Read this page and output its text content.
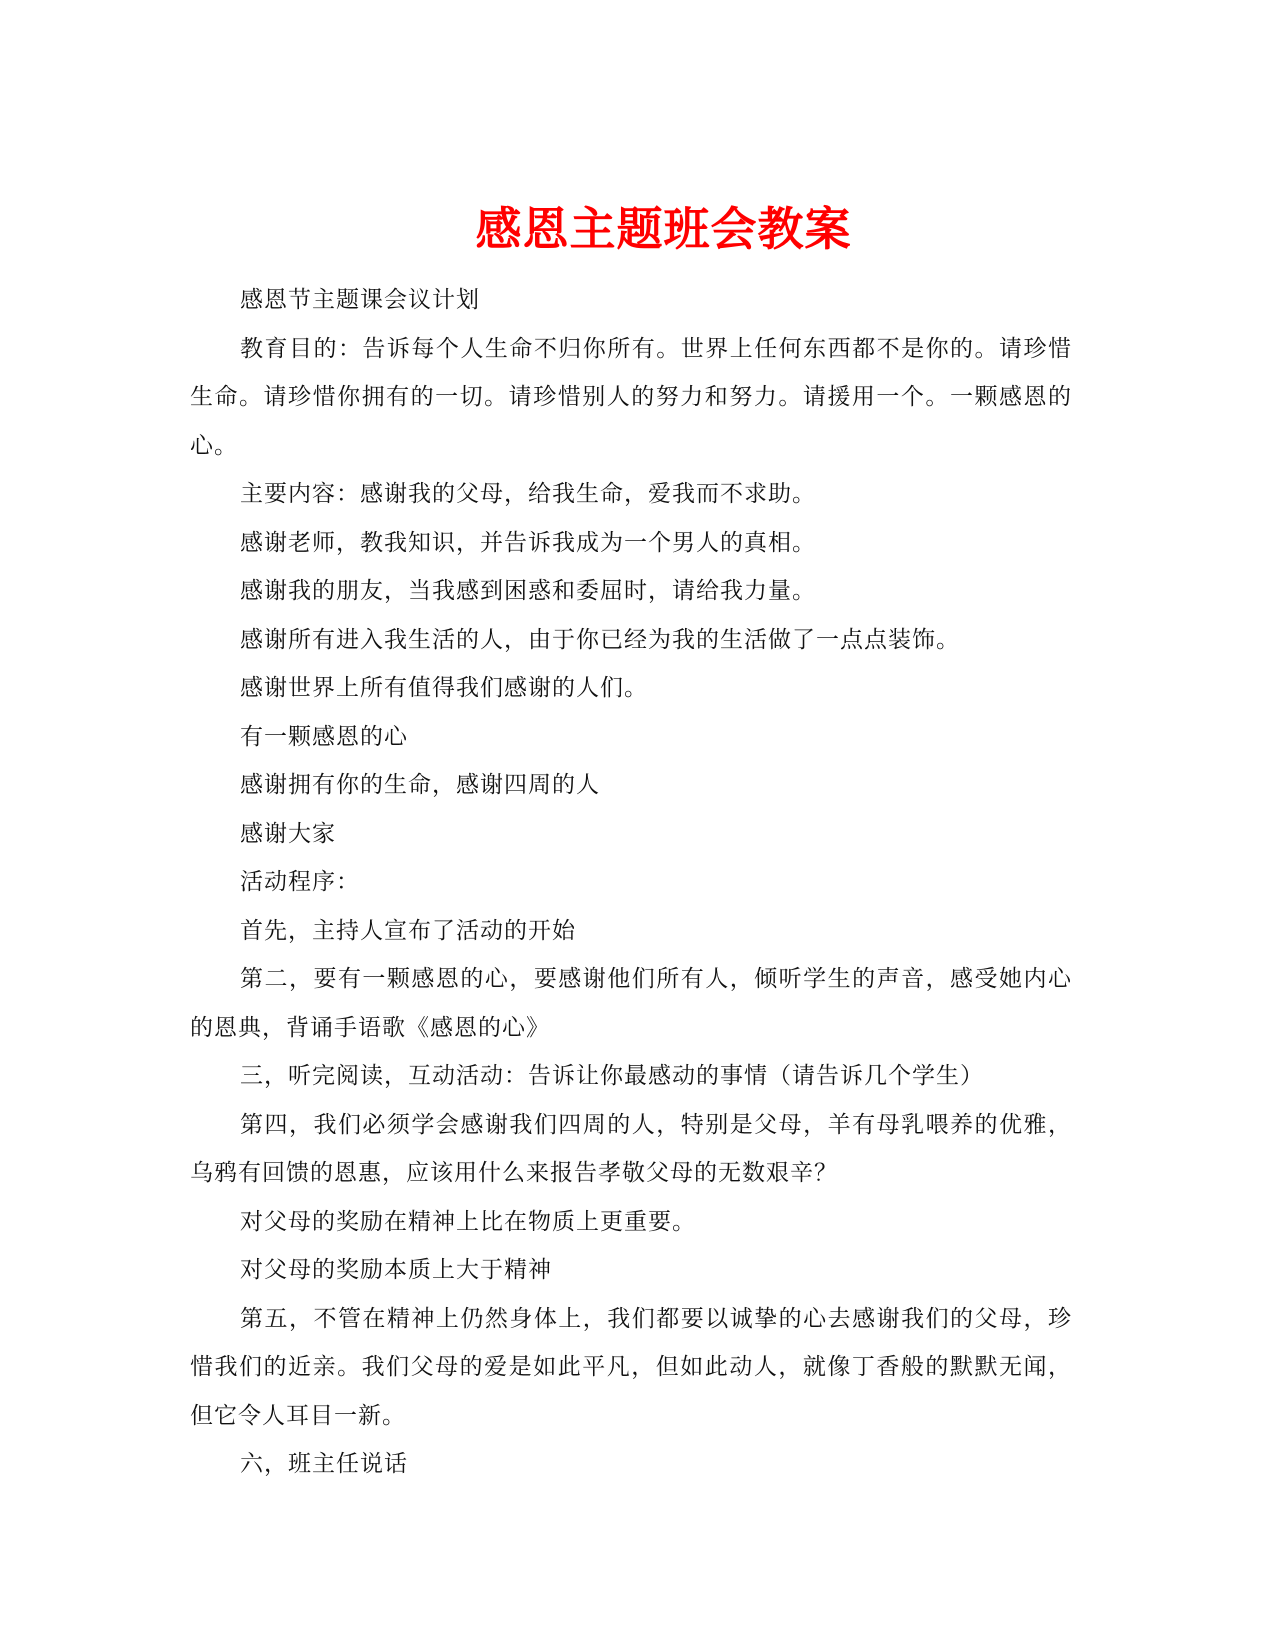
感恩主题班会教案

感恩节主题课会议计划

教育目的：告诉每个人生命不归你所有。世界上任何东西都不是你的。请珍惜生命。请珍惜你拥有的一切。请珍惜别人的努力和努力。请援用一个。一颗感恩的心。

主要内容：感谢我的父母，给我生命，爱我而不求助。

感谢老师，教我知识，并告诉我成为一个男人的真相。

感谢我的朋友，当我感到困惑和委屈时，请给我力量。

感谢所有进入我生活的人，由于你已经为我的生活做了一点点装饰。

感谢世界上所有值得我们感谢的人们。

有一颗感恩的心

感谢拥有你的生命，感谢四周的人

感谢大家

活动程序：

首先，主持人宣布了活动的开始

第二，要有一颗感恩的心，要感谢他们所有人，倾听学生的声音，感受她内心的恩典，背诵手语歌《感恩的心》

三，听完阅读，互动活动：告诉让你最感动的事情（请告诉几个学生）

第四，我们必须学会感谢我们四周的人，特别是父母，羊有母乳喂养的优雅，乌鸦有回馈的恩惠，应该用什么来报告孝敬父母的无数艰辛？

对父母的奖励在精神上比在物质上更重要。

对父母的奖励本质上大于精神

第五，不管在精神上仍然身体上，我们都要以诚挚的心去感谢我们的父母，珍惜我们的近亲。我们父母的爱是如此平凡，但如此动人，就像丁香般的默默无闻，但它令人耳目一新。

六，班主任说话
